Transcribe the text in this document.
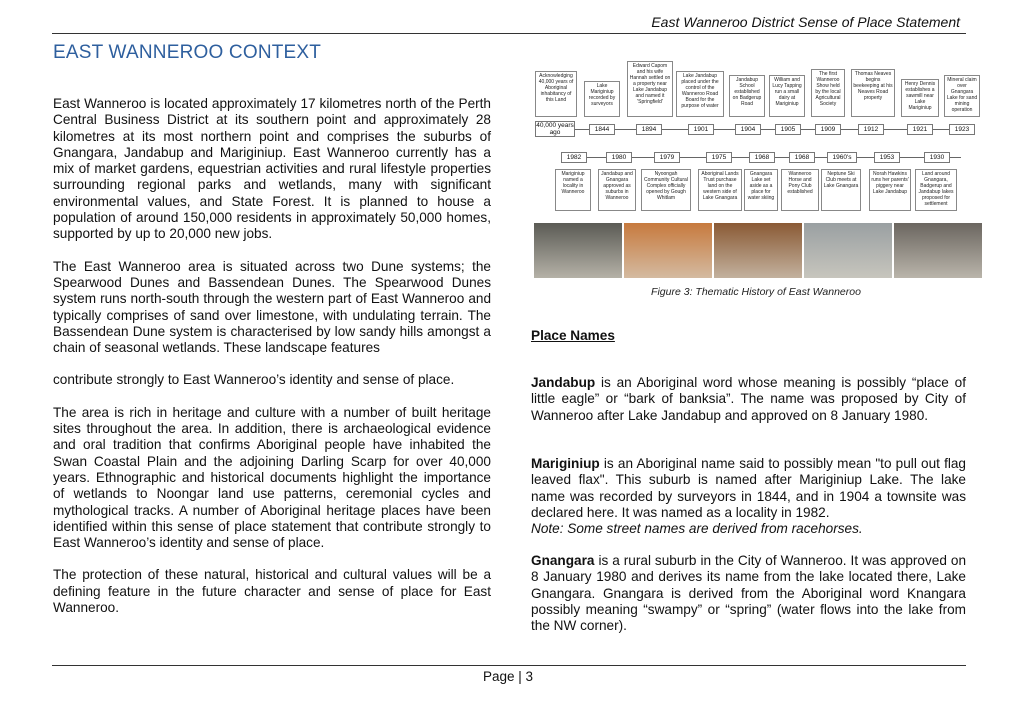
East Wanneroo District Sense of Place Statement
EAST WANNEROO CONTEXT

East Wanneroo is located approximately 17 kilometres north of the Perth Central Business District at its southern point and approximately 28 kilometres at its most northern point and comprises the suburbs of Gnangara, Jandabup and Mariginiup. East Wanneroo currently has a mix of market gardens, equestrian activities and rural lifestyle properties surrounding regional parks and wetlands, many with significant environmental values, and State Forest. It is planned to house a population of around 150,000 residents in approximately 50,000 homes, supported by up to 20,000 new jobs.

The East Wanneroo area is situated across two Dune systems; the Spearwood Dunes and Bassendean Dunes. The Spearwood Dunes system runs north-south through the western part of East Wanneroo and typically comprises of sand over limestone, with undulating terrain. The Bassendean Dune system is characterised by low sandy hills amongst a chain of seasonal wetlands. These landscape features

contribute strongly to East Wanneroo’s identity and sense of place.

The area is rich in heritage and culture with a number of built heritage sites throughout the area. In addition, there is archaeological evidence and oral tradition that confirms Aboriginal people have inhabited the Swan Coastal Plain and the adjoining Darling Scarp for over 40,000 years. Ethnographic and historical documents highlight the importance of wetlands to Noongar land use patterns, ceremonial cycles and mythological tracks. A number of Aboriginal heritage places have been identified within this sense of place statement that contribute strongly to East Wanneroo’s identity and sense of place.

The protection of these natural, historical and cultural values will be a defining feature in the future character and sense of place for East Wanneroo.

Acknowledging 40,000 years of Aboriginal inhabitancy of this Land
Lake Mariginiup recorded by surveyors
Edward Capom and his wife Hannah settled on a property near Lake Jandabup and named it 'Springfield'
Lake Jandabup placed under the control of the Wanneroo Road Board for the purpose of water
Jandabup School established on Badgerup Road
William and Lucy Tapping run a small dairy at Mariginiup
The first Wanneroo Show held by the local Agricultural Society
Thomas Neaves begins beekeeping at his Neaves Road property
Henry Dennis establishes a sawmill near Lake Mariginiup
Mineral claim over Gnangara Lake for sand mining operation
40,000 years ago	1844	1894	1901	1904	1905	1909	1912	1921	1923
1982	1980	1979	1975	1968	1968	1960's	1953	1930
Mariginiup named a locality in Wanneroo
Jandabup and Gnangara approved as suburbs in Wanneroo
Nyoongah Community Cultural Complex officially opened by Gough Whitlam
Aboriginal Lands Trust purchase land on the western side of Lake Gnangara
Gnangara Lake set aside as a place for water skiing
Wanneroo Horse and Pony Club established
Neptune Ski Club meets at Lake Gnangara
Norah Hawkins runs her parents' piggery near Lake Jandabup
Land around Gnangara, Badgerup and Jandabup lakes proposed for settlement
Figure 3: Thematic History of East Wanneroo
Place Names

Jandabup is an Aboriginal word whose meaning is possibly “place of little eagle” or “bark of banksia”. The name was proposed by City of Wanneroo after Lake Jandabup and approved on 8 January 1980.

Mariginiup is an Aboriginal name said to possibly mean "to pull out flag leaved flax". This suburb is named after Mariginiup Lake. The lake name was recorded by surveyors in 1844, and in 1904 a townsite was declared here. It was named as a locality in 1982.
Note: Some street names are derived from racehorses.

Gnangara is a rural suburb in the City of Wanneroo. It was approved on 8 January 1980 and derives its name from the lake located there, Lake Gnangara. Gnangara is derived from the Aboriginal word Knangara possibly meaning “swampy” or “spring” (water flows into the lake from the NW corner).

Page | 3
